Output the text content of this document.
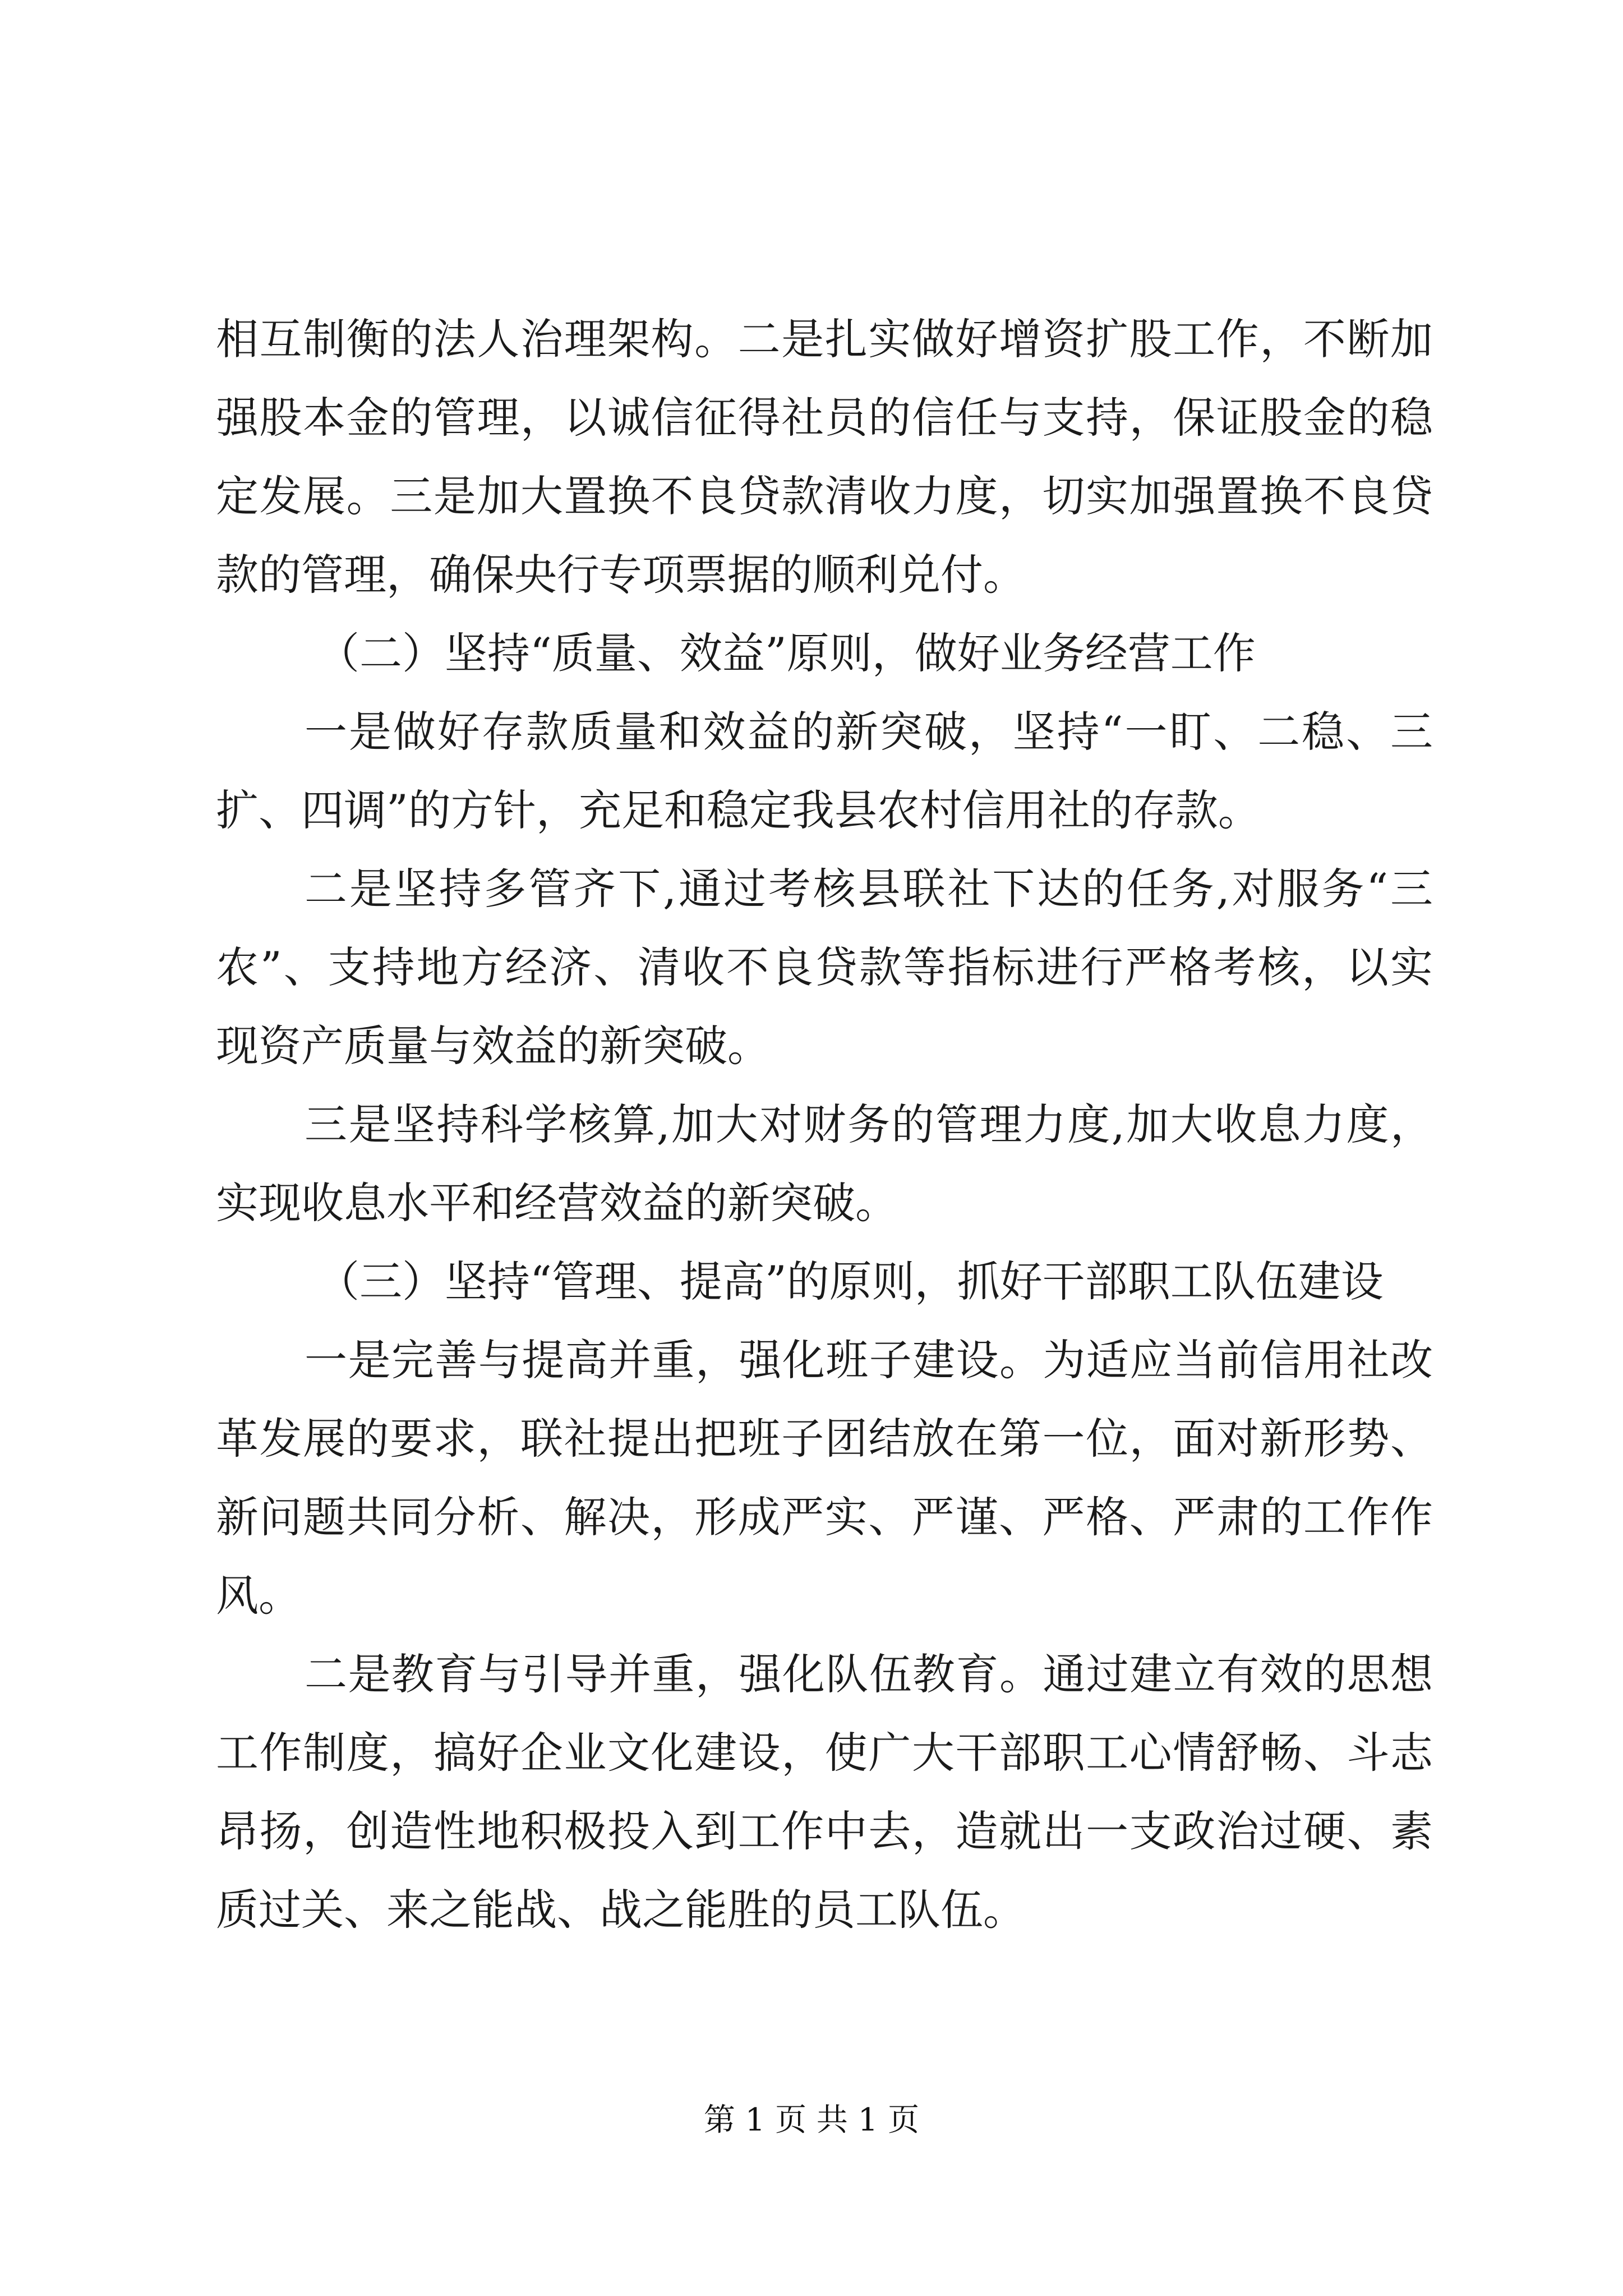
相互制衡的法人治理架构。二是扎实做好增资扩股工作，不断加
强股本金的管理，以诚信征得社员的信任与支持，保证股金的稳
定发展。三是加大置换不良贷款清收力度，切实加强置换不良贷
款的管理，确保央行专项票据的顺利兑付。
（二）坚持“质量、效益”原则，做好业务经营工作
一是做好存款质量和效益的新突破，坚持“一盯、二稳、三
扩、四调”的方针，充足和稳定我县农村信用社的存款。
二是坚持多管齐下,通过考核县联社下达的任务,对服务“三
农”、支持地方经济、清收不良贷款等指标进行严格考核，以实
现资产质量与效益的新突破。
三是坚持科学核算,加大对财务的管理力度,加大收息力度，
实现收息水平和经营效益的新突破。
（三）坚持“管理、提高”的原则，抓好干部职工队伍建设
一是完善与提高并重，强化班子建设。为适应当前信用社改
革发展的要求，联社提出把班子团结放在第一位，面对新形势、
新问题共同分析、解决，形成严实、严谨、严格、严肃的工作作
风。
二是教育与引导并重，强化队伍教育。通过建立有效的思想
工作制度，搞好企业文化建设，使广大干部职工心情舒畅、斗志
昂扬，创造性地积极投入到工作中去，造就出一支政治过硬、素
质过关、来之能战、战之能胜的员工队伍。
第 1 页 共 1 页
